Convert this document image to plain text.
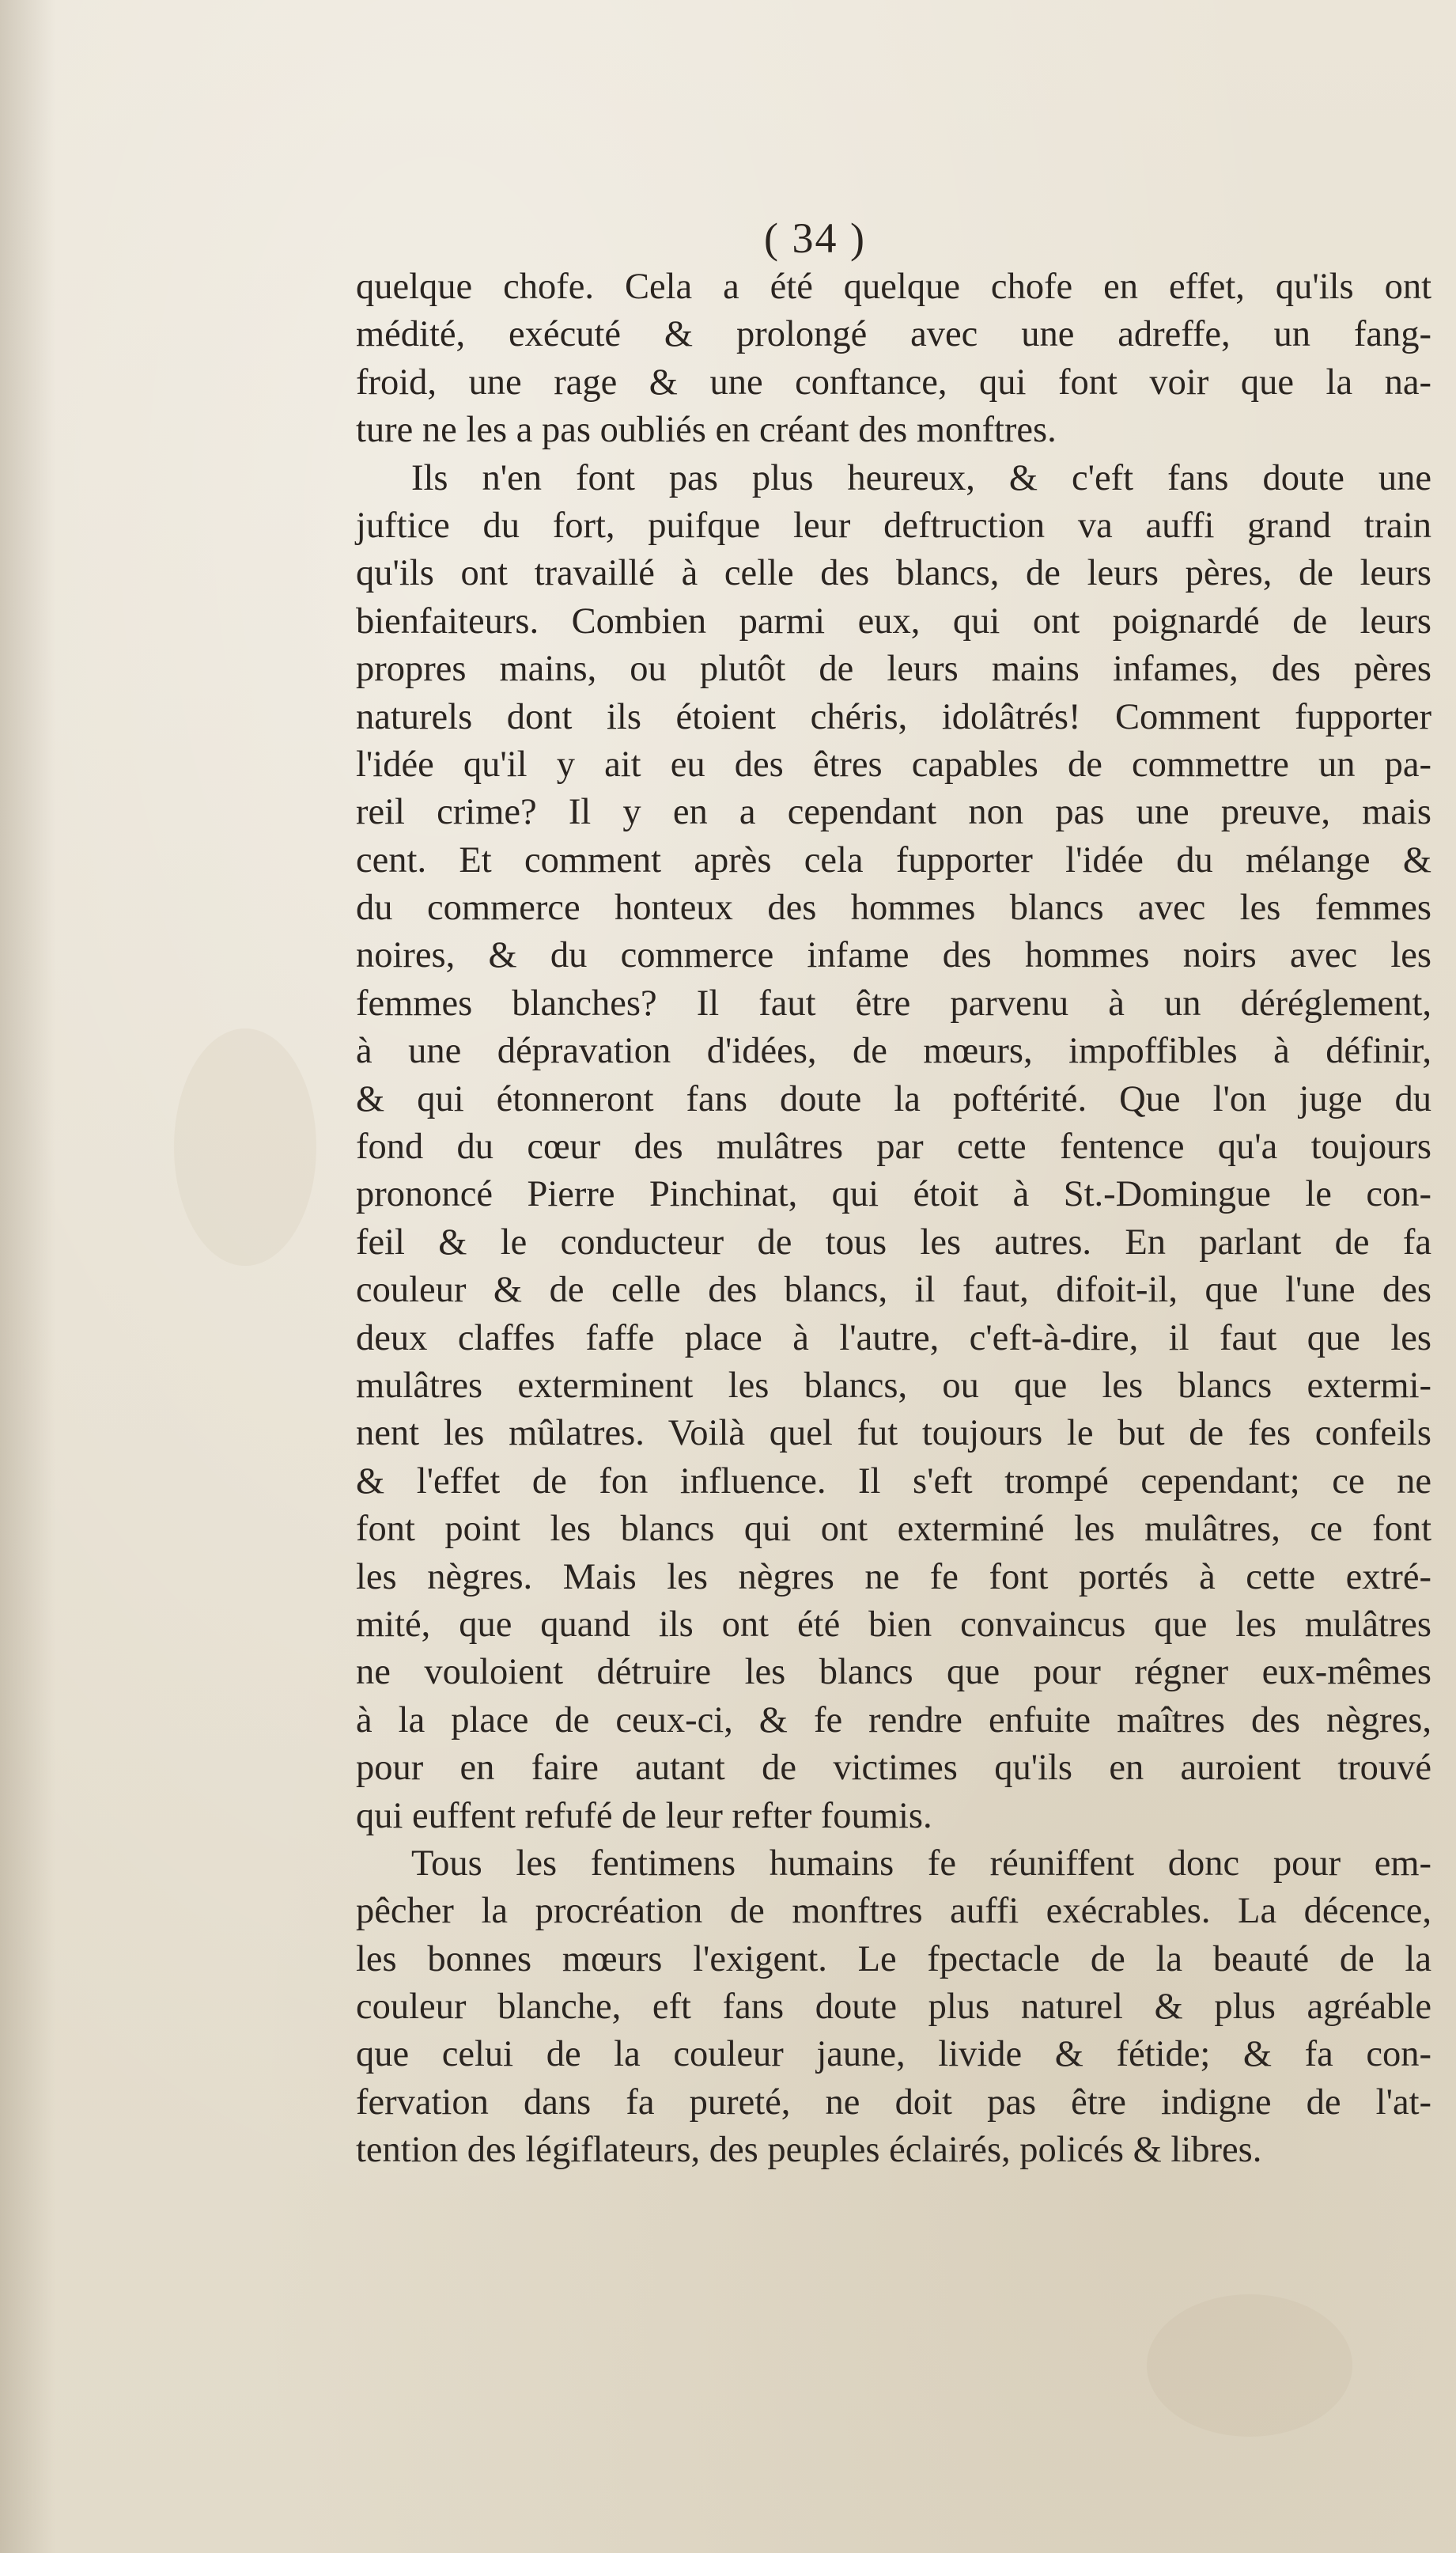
( 34 )
quelque chofe. Cela a été quelque chofe en effet, qu'ils ont
médité, exécuté & prolongé avec une adreffe, un fang-
froid, une rage & une conftance, qui font voir que la na-
ture ne les a pas oubliés en créant des monftres.
Ils n'en font pas plus heureux, & c'eft fans doute une
juftice du fort, puifque leur deftruction va auffi grand train
qu'ils ont travaillé à celle des blancs, de leurs pères, de leurs
bienfaiteurs. Combien parmi eux, qui ont poignardé de leurs
propres mains, ou plutôt de leurs mains infames, des pères
naturels dont ils étoient chéris, idolâtrés! Comment fupporter
l'idée qu'il y ait eu des êtres capables de commettre un pa-
reil crime? Il y en a cependant non pas une preuve, mais
cent. Et comment après cela fupporter l'idée du mélange &
du commerce honteux des hommes blancs avec les femmes
noires, & du commerce infame des hommes noirs avec les
femmes blanches? Il faut être parvenu à un déréglement,
à une dépravation d'idées, de mœurs, impoffibles à définir,
& qui étonneront fans doute la poftérité. Que l'on juge du
fond du cœur des mulâtres par cette fentence qu'a toujours
prononcé Pierre Pinchinat, qui étoit à St.-Domingue le con-
feil & le conducteur de tous les autres. En parlant de fa
couleur & de celle des blancs, il faut, difoit-il, que l'une des
deux claffes faffe place à l'autre, c'eft-à-dire, il faut que les
mulâtres exterminent les blancs, ou que les blancs extermi-
nent les mûlatres. Voilà quel fut toujours le but de fes confeils
& l'effet de fon influence. Il s'eft trompé cependant; ce ne
font point les blancs qui ont exterminé les mulâtres, ce font
les nègres. Mais les nègres ne fe font portés à cette extré-
mité, que quand ils ont été bien convaincus que les mulâtres
ne vouloient détruire les blancs que pour régner eux-mêmes
à la place de ceux-ci, & fe rendre enfuite maîtres des nègres,
pour en faire autant de victimes qu'ils en auroient trouvé
qui euffent refufé de leur refter foumis.
Tous les fentimens humains fe réuniffent donc pour em-
pêcher la procréation de monftres auffi exécrables. La décence,
les bonnes mœurs l'exigent. Le fpectacle de la beauté de la
couleur blanche, eft fans doute plus naturel & plus agréable
que celui de la couleur jaune, livide & fétide; & fa con-
fervation dans fa pureté, ne doit pas être indigne de l'at-
tention des légiflateurs, des peuples éclairés, policés & libres.
